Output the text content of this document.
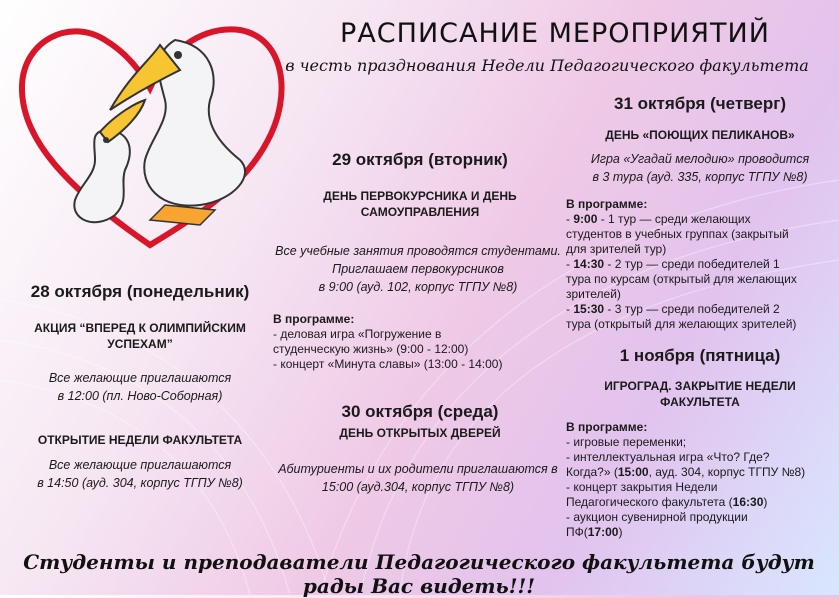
РАСПИСАНИЕ МЕРОПРИЯТИЙ
в честь празднования Недели Педагогического факультета
28 октября (понедельник)
АКЦИЯ “ВПЕРЕД К ОЛИМПИЙСКИМ УСПЕХАМ”
Все желающие приглашаются
в 12:00 (пл. Ново-Соборная)
ОТКРЫТИЕ НЕДЕЛИ ФАКУЛЬТЕТА
Все желающие приглашаются
в 14:50 (ауд. 304, корпус ТГПУ №8)
29 октября (вторник)
ДЕНЬ ПЕРВОКУРСНИКА И ДЕНЬ
САМОУПРАВЛЕНИЯ
Все учебные занятия проводятся студентами.
Приглашаем первокурсников
в 9:00 (ауд. 102, корпус ТГПУ №8)
В программе:
- деловая игра «Погружение в
студенческую жизнь» (9:00 - 12:00)
- концерт «Минута славы» (13:00 - 14:00)
30 октября (среда)
ДЕНЬ ОТКРЫТЫХ ДВЕРЕЙ
Абитуриенты и их родители приглашаются в
15:00 (ауд.304, корпус ТГПУ №8)
31 октября (четверг)
ДЕНЬ «ПОЮЩИХ ПЕЛИКАНОВ»
Игра «Угадай мелодию» проводится
в 3 тура (ауд. 335, корпус ТГПУ №8)
В программе:
- 9:00 - 1 тур — среди желающих
студентов в учебных группах (закрытый
для зрителей тур)
- 14:30 - 2 тур — среди победителей 1
тура по курсам (открытый для желающих
зрителей)
- 15:30 - 3 тур — среди победителей 2
тура (открытый для желающих зрителей)
1 ноября (пятница)
ИГРОГРАД. ЗАКРЫТИЕ НЕДЕЛИ
ФАКУЛЬТЕТА
В программе:
- игровые переменки;
- интеллектуальная игра «Что? Где?
Когда?» (15:00, ауд. 304, корпус ТГПУ №8)
- концерт закрытия Недели
Педагогического факультета (16:30)
- аукцион сувенирной продукции
ПФ(17:00)
Студенты и преподаватели Педагогического факультета будут рады Вас видеть!!!
